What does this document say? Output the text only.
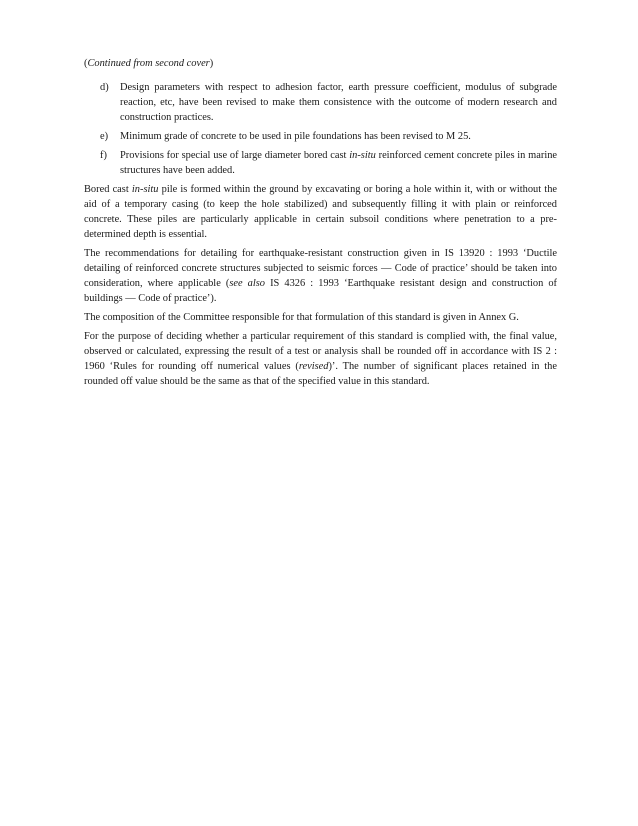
(Continued from second cover)

d) Design parameters with respect to adhesion factor, earth pressure coefficient, modulus of subgrade reaction, etc, have been revised to make them consistence with the outcome of modern research and construction practices.
e) Minimum grade of concrete to be used in pile foundations has been revised to M 25.
f) Provisions for special use of large diameter bored cast in-situ reinforced cement concrete piles in marine structures have been added.

Bored cast in-situ pile is formed within the ground by excavating or boring a hole within it, with or without the aid of a temporary casing (to keep the hole stabilized) and subsequently filling it with plain or reinforced concrete. These piles are particularly applicable in certain subsoil conditions where penetration to a pre-determined depth is essential.

The recommendations for detailing for earthquake-resistant construction given in IS 13920 : 1993 ‘Ductile detailing of reinforced concrete structures subjected to seismic forces — Code of practice’ should be taken into consideration, where applicable (see also IS 4326 : 1993 ‘Earthquake resistant design and construction of buildings — Code of practice’).

The composition of the Committee responsible for that formulation of this standard is given in Annex G.

For the purpose of deciding whether a particular requirement of this standard is complied with, the final value, observed or calculated, expressing the result of a test or analysis shall be rounded off in accordance with IS 2 : 1960 ‘Rules for rounding off numerical values (revised)’. The number of significant places retained in the rounded off value should be the same as that of the specified value in this standard.
